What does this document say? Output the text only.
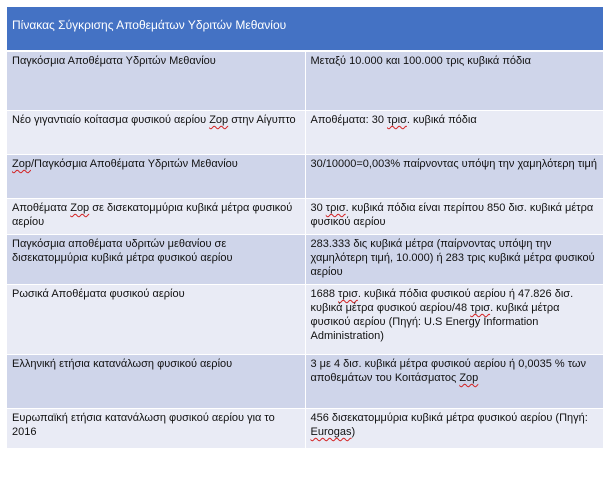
Πίνακας Σύγκρισης Αποθεμάτων Υδριτών Μεθανίου	
Παγκόσμια Αποθέματα Υδριτών Μεθανίου	Μεταξύ 10.000 και 100.000 τρις κυβικά πόδια
Νέο γιγαντιαίο κοίτασμα φυσικού αερίου Zop στην Αίγυπτο	Αποθέματα: 30 τρισ. κυβικά πόδια
Zop/Παγκόσμια Αποθέματα Υδριτών Μεθανίου	30/10000=0,003% παίρνοντας υπόψη την χαμηλότερη τιμή
Αποθέματα Zop σε δισεκατομμύρια κυβικά μέτρα φυσικού αερίου	30 τρισ. κυβικά πόδια είναι περίπου 850 δισ. κυβικά μέτρα φυσικού αερίου
Παγκόσμια αποθέματα υδριτών μεθανίου σε δισεκατομμύρια κυβικά μέτρα φυσικού αερίου	283.333 δις κυβικά μέτρα (παίρνοντας υπόψη την χαμηλότερη τιμή, 10.000) ή 283 τρις κυβικά μέτρα φυσικού αερίου
Ρωσικά Αποθέματα φυσικού αερίου	1688 τρισ. κυβικά πόδια φυσικού αερίου ή 47.826 δισ. κυβικά μέτρα φυσικού αερίου/48 τρισ. κυβικά μέτρα φυσικού αερίου (Πηγή: U.S Energy Information Administration)
Ελληνική ετήσια κατανάλωση φυσικού αερίου	3 με 4 δισ. κυβικά μέτρα φυσικού αερίου ή 0,0035 % των αποθεμάτων του Κοιτάσματος Zop
Ευρωπαϊκή ετήσια κατανάλωση φυσικού αερίου για το 2016	456 δισεκατομμύρια κυβικά μέτρα φυσικού αερίου (Πηγή: Eurogas)
